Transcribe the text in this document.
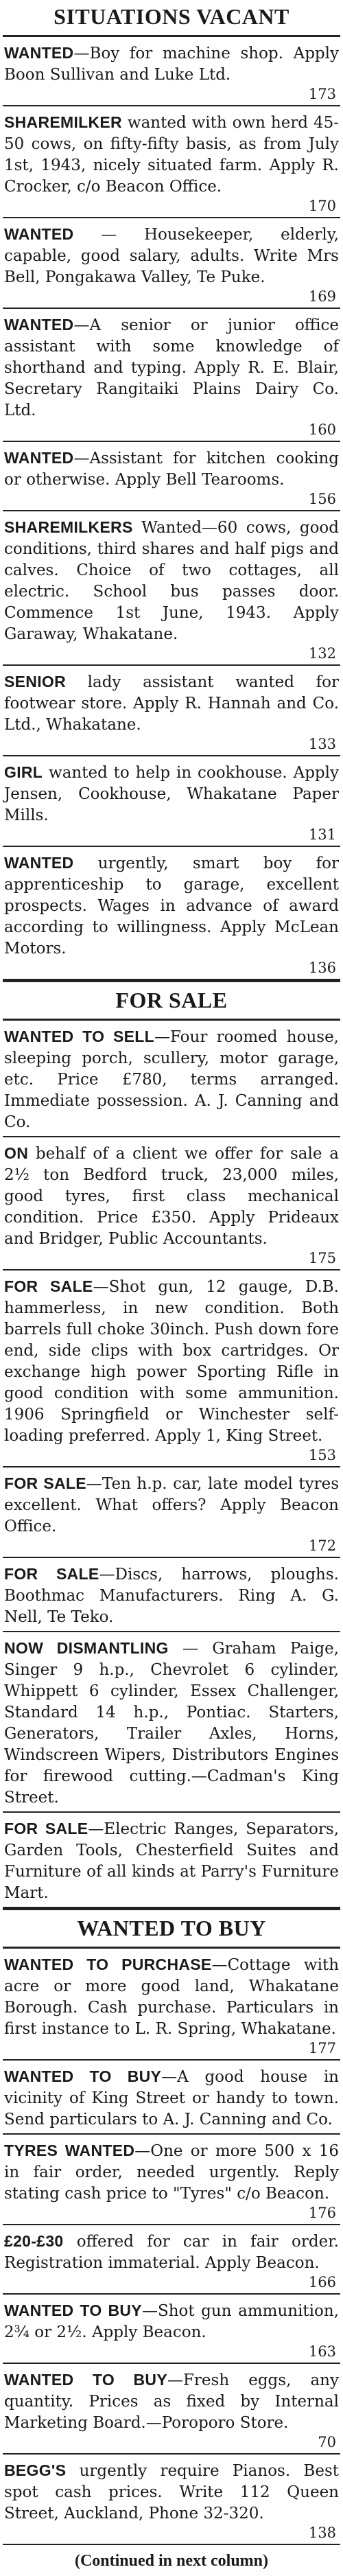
SITUATIONS VACANT
WANTED—Boy for machine shop. Apply Boon Sullivan and Luke Ltd.
173
SHAREMILKER wanted with own herd 45-50 cows, on fifty-fifty basis, as from July 1st, 1943, nicely situated farm. Apply R. Crocker, c/o Beacon Office.
170
WANTED — Housekeeper, elderly, capable, good salary, adults. Write Mrs Bell, Pongakawa Valley, Te Puke.
169
WANTED—A senior or junior office assistant with some knowledge of shorthand and typing. Apply R. E. Blair, Secretary Rangitaiki Plains Dairy Co. Ltd.
160
WANTED—Assistant for kitchen cooking or otherwise. Apply Bell Tearooms.
156
SHAREMILKERS Wanted—60 cows, good conditions, third shares and half pigs and calves. Choice of two cottages, all electric. School bus passes door. Commence 1st June, 1943. Apply Garaway, Whakatane.
132
SENIOR lady assistant wanted for footwear store. Apply R. Hannah and Co. Ltd., Whakatane.
133
GIRL wanted to help in cookhouse. Apply Jensen, Cookhouse, Whakatane Paper Mills.
131
WANTED urgently, smart boy for apprenticeship to garage, excellent prospects. Wages in advance of award according to willingness. Apply McLean Motors.
136
FOR SALE
WANTED TO SELL—Four roomed house, sleeping porch, scullery, motor garage, etc. Price £780, terms arranged. Immediate possession. A. J. Canning and Co.
ON behalf of a client we offer for sale a 2½ ton Bedford truck, 23,000 miles, good tyres, first class mechanical condition. Price £350. Apply Prideaux and Bridger, Public Accountants.
175
FOR SALE—Shot gun, 12 gauge, D.B. hammerless, in new condition. Both barrels full choke 30inch. Push down fore end, side clips with box cartridges. Or exchange high power Sporting Rifle in good condition with some ammunition. 1906 Springfield or Winchester self-loading preferred. Apply 1, King Street.
153
FOR SALE—Ten h.p. car, late model tyres excellent. What offers? Apply Beacon Office.
172
FOR SALE—Discs, harrows, ploughs. Boothmac Manufacturers. Ring A. G. Nell, Te Teko.
NOW DISMANTLING — Graham Paige, Singer 9 h.p., Chevrolet 6 cylinder, Whippett 6 cylinder, Essex Challenger, Standard 14 h.p., Pontiac. Starters, Generators, Trailer Axles, Horns, Windscreen Wipers, Distributors Engines for firewood cutting.—Cadman's King Street.
FOR SALE—Electric Ranges, Separators, Garden Tools, Chesterfield Suites and Furniture of all kinds at Parry's Furniture Mart.
WANTED TO BUY
WANTED TO PURCHASE—Cottage with acre or more good land, Whakatane Borough. Cash purchase. Particulars in first instance to L. R. Spring, Whakatane.
177
WANTED TO BUY—A good house in vicinity of King Street or handy to town. Send particulars to A. J. Canning and Co.
TYRES WANTED—One or more 500 x 16 in fair order, needed urgently. Reply stating cash price to "Tyres" c/o Beacon.
176
£20-£30 offered for car in fair order. Registration immaterial. Apply Beacon.
166
WANTED TO BUY—Shot gun ammunition, 2¾ or 2½. Apply Beacon.
163
WANTED TO BUY—Fresh eggs, any quantity. Prices as fixed by Internal Marketing Board.—Poroporo Store.
70
BEGG'S urgently require Pianos. Best spot cash prices. Write 112 Queen Street, Auckland, Phone 32-320.
138
(Continued in next column)
